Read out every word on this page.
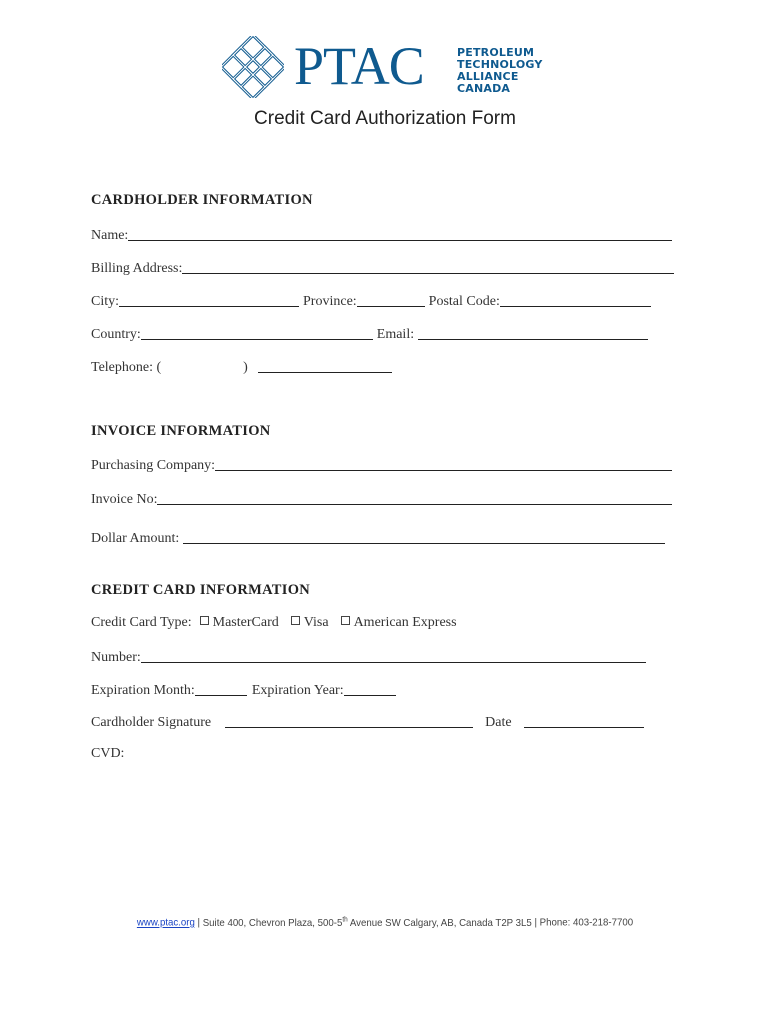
PTAC	PETROLEUM
TECHNOLOGY
ALLIANCE
CANADA
Credit Card Authorization Form
CARDHOLDER INFORMATION
Name:
Billing Address:
City:	Province:	Postal Code:
Country:	Email:
Telephone: (	)
INVOICE INFORMATION
Purchasing Company:
Invoice No:
Dollar Amount:
CREDIT CARD INFORMATION
Credit Card Type: MasterCard Visa American Express
Number:
Expiration Month:	Expiration Year:
Cardholder Signature	Date
CVD:
www.ptac.org | Suite 400, Chevron Plaza, 500-5th Avenue SW Calgary, AB, Canada T2P 3L5 | Phone: 403-218-7700
